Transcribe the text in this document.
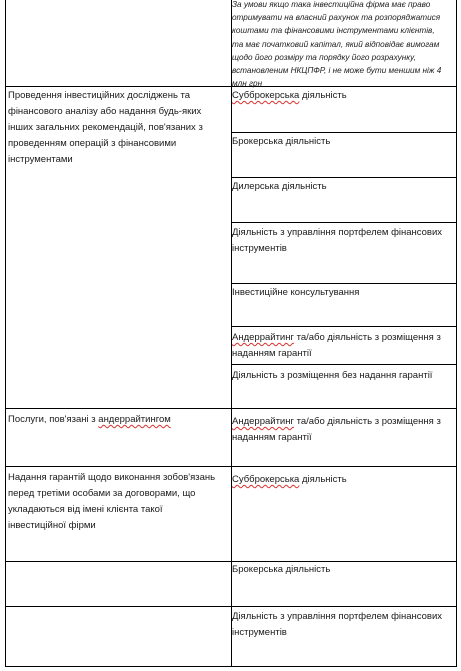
За умови якщо така інвестиційна фірма має право отримувати на власний рахунок та розпоряджатися коштами та фінансовими інструментами клієнтів, та має початковий капітал, який відповідає вимогам щодо його розміру та порядку його розрахунку, встановленим НКЦПФР, і не може бути меншим ніж 4 млн грн
Проведення інвестиційних досліджень та фінансового аналізу або надання будь-яких інших загальних рекомендацій, пов'язаних з проведенням операцій з фінансовими інструментами
Послуги, пов'язані з андеррайтингом
Надання гарантій щодо виконання зобов'язань перед третіми особами за договорами, що укладаються від імені клієнта такої інвестиційної фірми
Субброкерська діяльність
Брокерська діяльність
Дилерська діяльність
Діяльність з управління портфелем фінансових інструментів
Інвестиційне консультування
Андеррайтинг та/або діяльність з розміщення з наданням гарантії
Діяльність з розміщення без надання гарантії
Андеррайтинг та/або діяльність з розміщення з наданням гарантії
Субброкерська діяльність
Брокерська діяльність
Діяльність з управління портфелем фінансових інструментів
